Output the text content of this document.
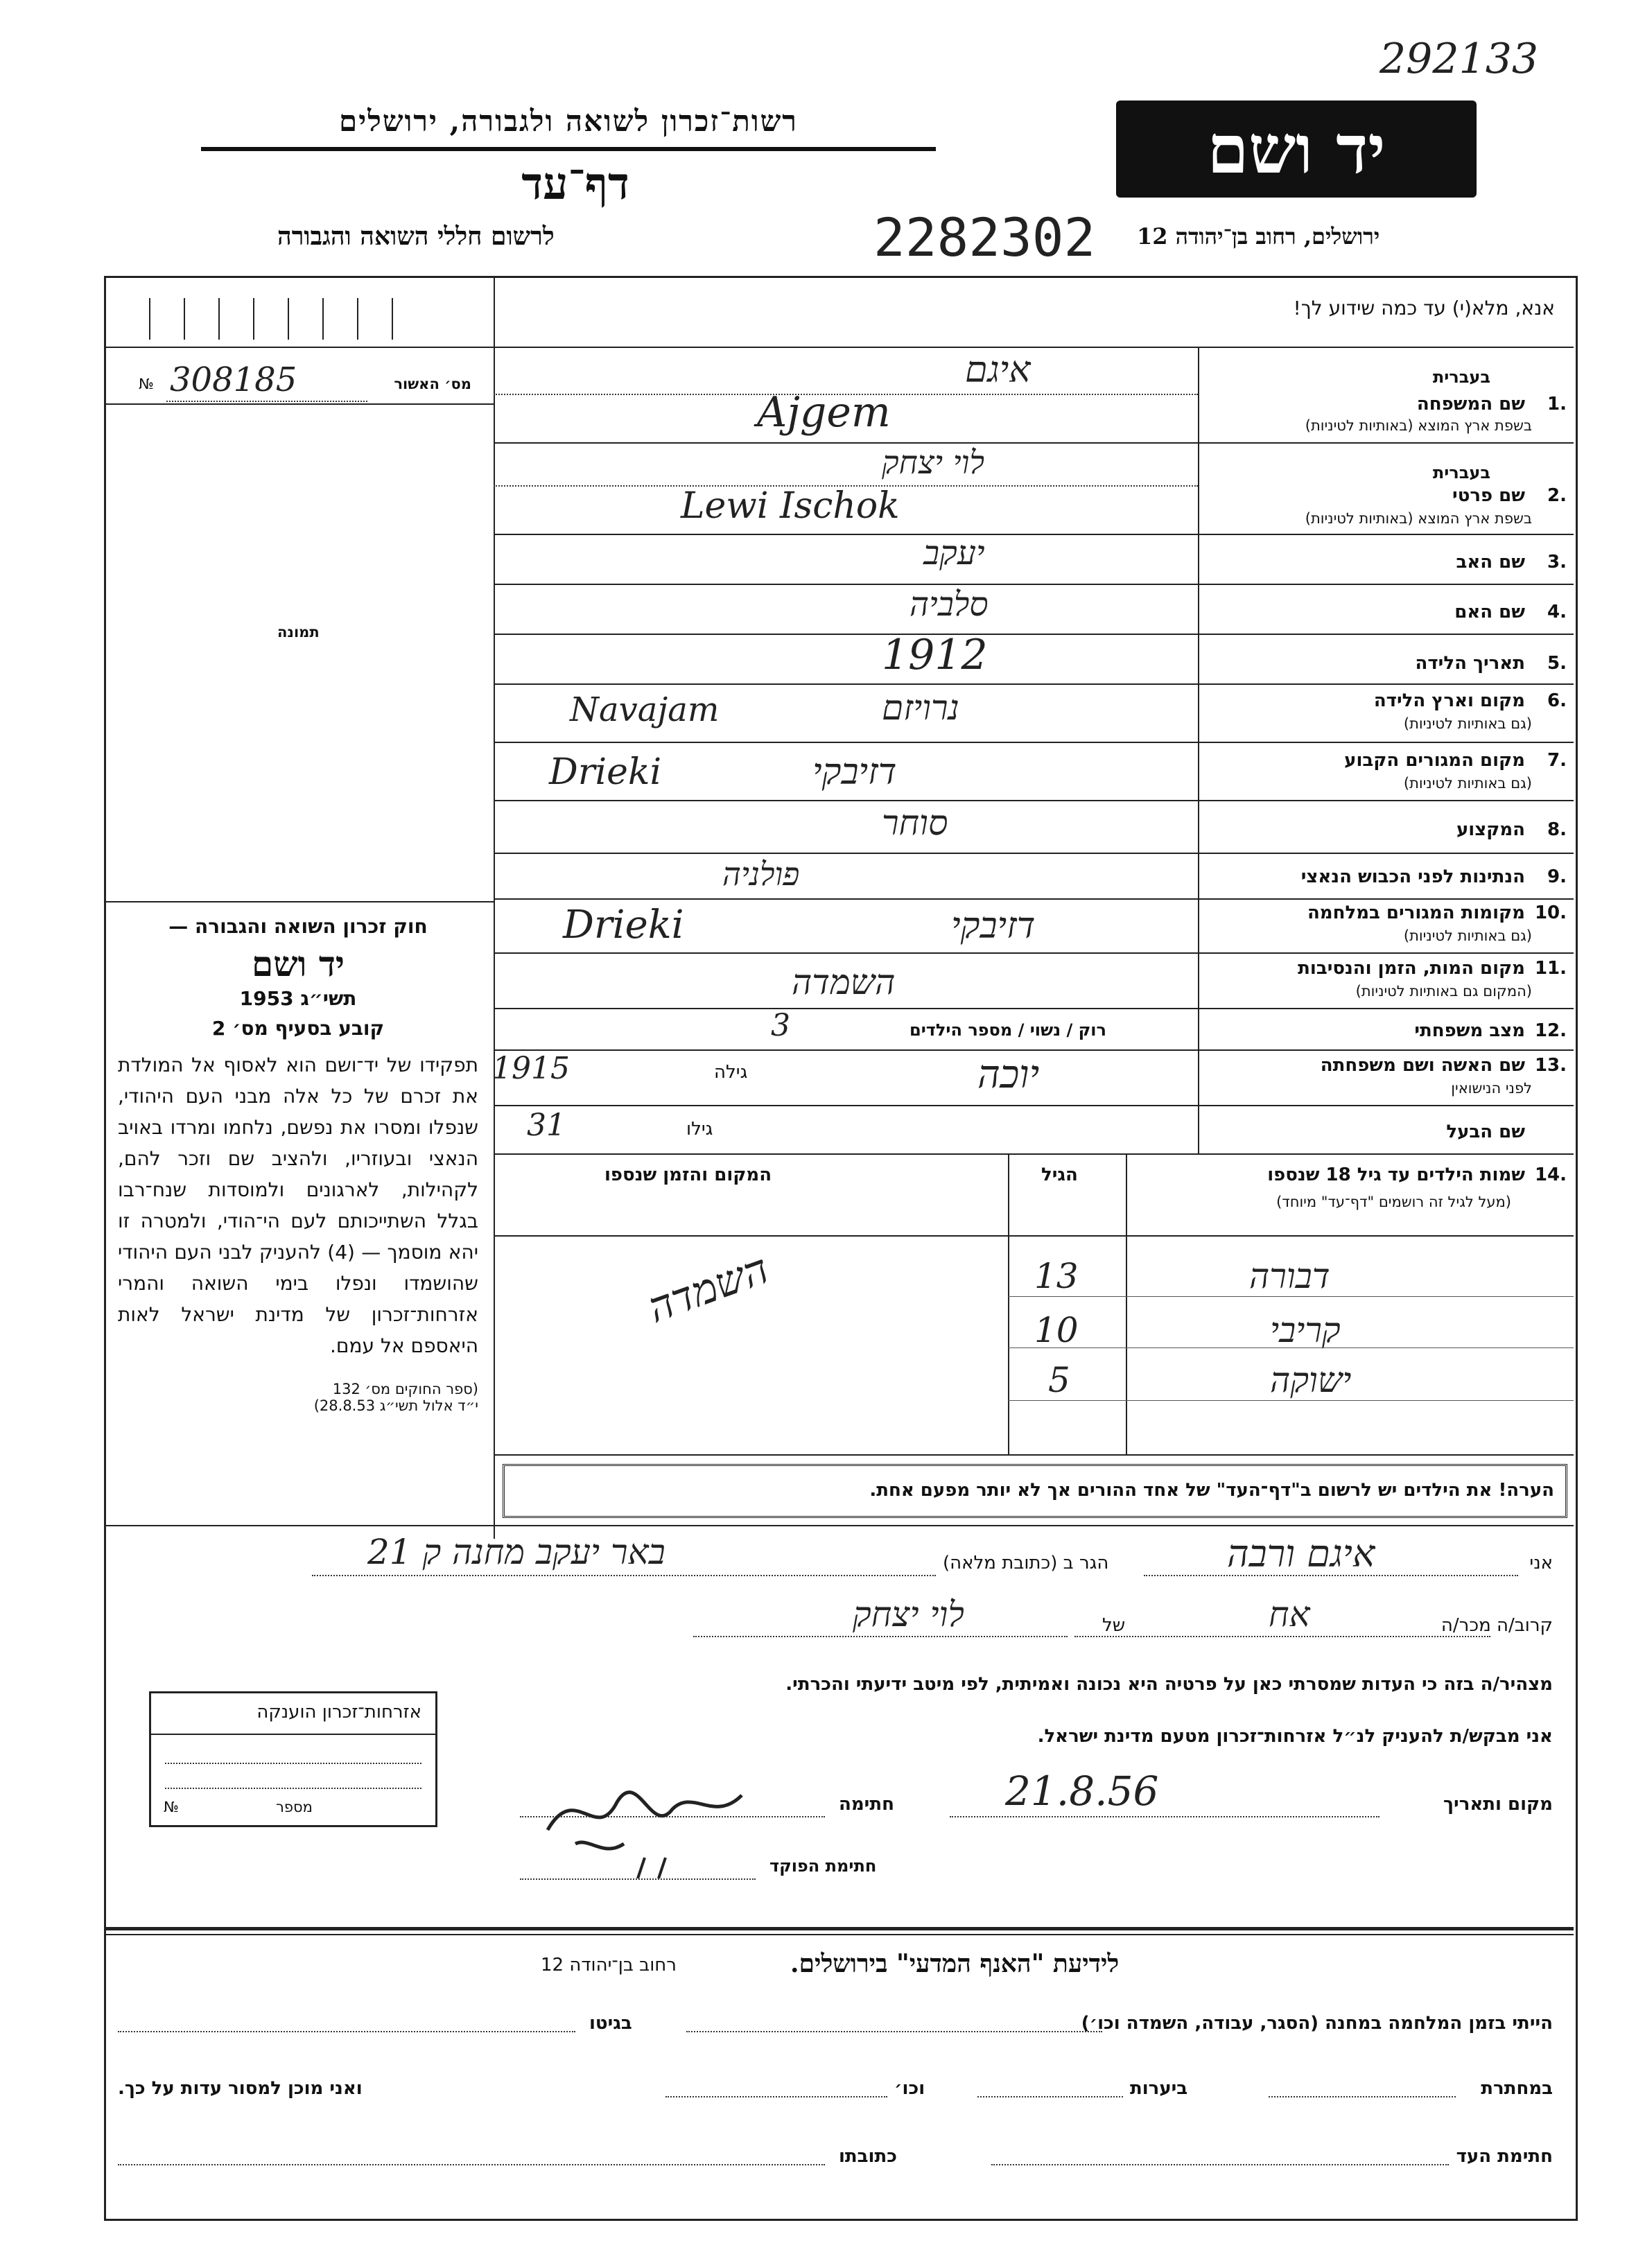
292133
רשות־זכרון לשואה ולגבורה, ירושלים	יד ושם
דף־עד
לרשום חללי השואה והגבורה	2282302 ירושלים, רחוב בן־יהודה 12
אנא, מלא(י) עד כמה שידוע לך!
№ 308185	מס׳ האשור
תמונה
חוק זכרון השואה והגבורה —
יד ושם
תשי״ג 1953
קובע בסעיף מס׳ 2
תפקידו של יד־ושם הוא לאסוף אל המולדת את זכרם של כל אלה מבני העם היהודי, שנפלו ומסרו את נפשם, נלחמו ומרדו באויב הנאצי ובעוזריו, ולהציב שם וזכר להם, לקהילות, לארגונים ולמוסדות שנח־רבו בגלל השתייכותם לעם הי־הודי, ולמטרה זו יהא מוסמך — (4) להעניק לבני העם היהודי שהושמדו ונפלו בימי השואה והמרי אזרחות־זכרון של מדינת ישראל לאות היאספם אל עמם.
(ספר החוקים מס׳ 132
י״ד אלול תשי״ג 28.8.53)
בעברית
1.
שם המשפחה
בשפת ארץ המוצא (באותיות לטיניות)
איגם
Ajgem
בעברית
2.
שם פרטי
בשפת ארץ המוצא (באותיות לטיניות)
לוי יצחק
Lewi Ischok
3.
שם האב
יעקב
4.
שם האם
סלביה
5.
תאריך הלידה
1912
6.
מקום וארץ הלידה
(גם באותיות לטיניות)
נרויזם
Navajam
7.
מקום המגורים הקבוע
(גם באותיות לטיניות)
דזיבקי
Drieki
8.
המקצוע
סוחר
9.
הנתינות לפני הכבוש הנאצי
פולניה
10.
מקומות המגורים במלחמה
(גם באותיות לטיניות)
דזיבקי
Drieki
11.
מקום המות, הזמן והנסיבות
(המקום גם באותיות לטיניות)
השמדה
12.
מצב משפחתי
רוק / נשוי / מספר הילדים
3
13.
שם האשה ושם משפחתה
לפני הנישואין
יוכה
1915	גילה
שם הבעל
31	גילו
14.
שמות הילדים עד גיל 18 שנספו
(מעל לגיל זה רושמים "דף־עד" מיוחד)
הגיל
המקום והזמן שנספו
דבורה
13
קריבי
10
ישוקה
5
השמדה
הערה! את הילדים יש לרשום ב"דף־העד" של אחד ההורים אך לא יותר מפעם אחת.
אני
איגם ורבה
הגר ב (כתובת מלאה)
באר יעקב מחנה ק 21
קרוב/ה מכר/ה
אח
של
לוי יצחק
מצהיר/ה בזה כי העדות שמסרתי כאן על פרטיה היא נכונה ואמיתית, לפי מיטב ידיעתי והכרתי.
אני מבקש/ת להעניק לנ״ל אזרחות־זכרון מטעם מדינת ישראל.
מקום ותאריך
21.8.56
חתימה
חתימת הפוקד
אזרחות־זכרון הוענקה
№	מספר
לידיעת "האנף המדעי" בירושלים.
רחוב בן־יהודה 12
הייתי בזמן המלחמה במחנה (הסגר, עבודה, השמדה וכו׳)
בגיטו
במחתרת
ביערות
וכו׳
ואני מוכן למסור עדות על כך.
חתימת העד
כתובתו
